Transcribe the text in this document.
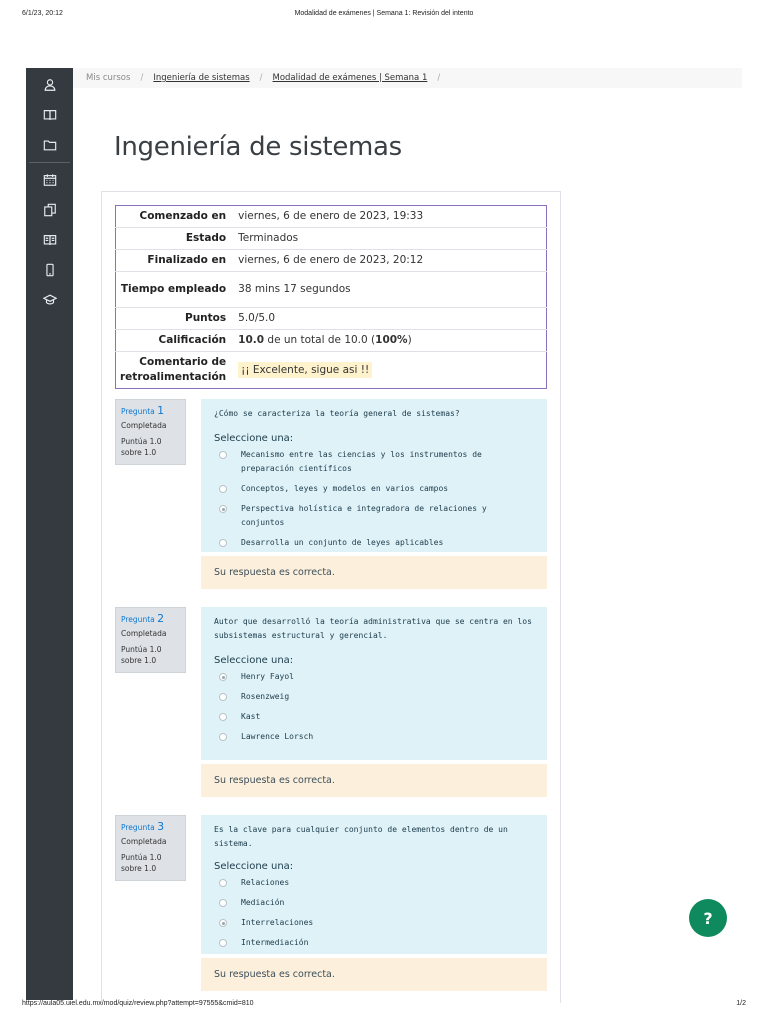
6/1/23, 20:12	Modalidad de exámenes | Semana 1: Revisión del intento
https://aula05.uiel.edu.mx/mod/quiz/review.php?attempt=97555&cmid=810	1/2
Mis cursos / Ingeniería de sistemas / Modalidad de exámenes | Semana 1 /
Ingeniería de sistemas
Comenzado en	viernes, 6 de enero de 2023, 19:33
Estado	Terminados
Finalizado en	viernes, 6 de enero de 2023, 20:12
Tiempo empleado	38 mins 17 segundos
Puntos	5.0/5.0
Calificación	10.0 de un total de 10.0 (100%)
Comentario de retroalimentación	¡¡ Excelente, sigue asi !!
Pregunta 1
Completada
Puntúa 1.0 sobre 1.0
¿Cómo se caracteriza la teoría general de sistemas?
Seleccione una:
Mecanismo entre las ciencias y los instrumentos de preparación científicos
Conceptos, leyes y modelos en varios campos
Perspectiva holística e integradora de relaciones y conjuntos
Desarrolla un conjunto de leyes aplicables
Su respuesta es correcta.
Pregunta 2
Completada
Puntúa 1.0 sobre 1.0
Autor que desarrolló la teoría administrativa que se centra en los subsistemas estructural y gerencial.
Seleccione una:
Henry Fayol
Rosenzweig
Kast
Lawrence Lorsch
Su respuesta es correcta.
Pregunta 3
Completada
Puntúa 1.0 sobre 1.0
Es la clave para cualquier conjunto de elementos dentro de un sistema.
Seleccione una:
Relaciones
Mediación
Interrelaciones
Intermediación
Su respuesta es correcta.
?
